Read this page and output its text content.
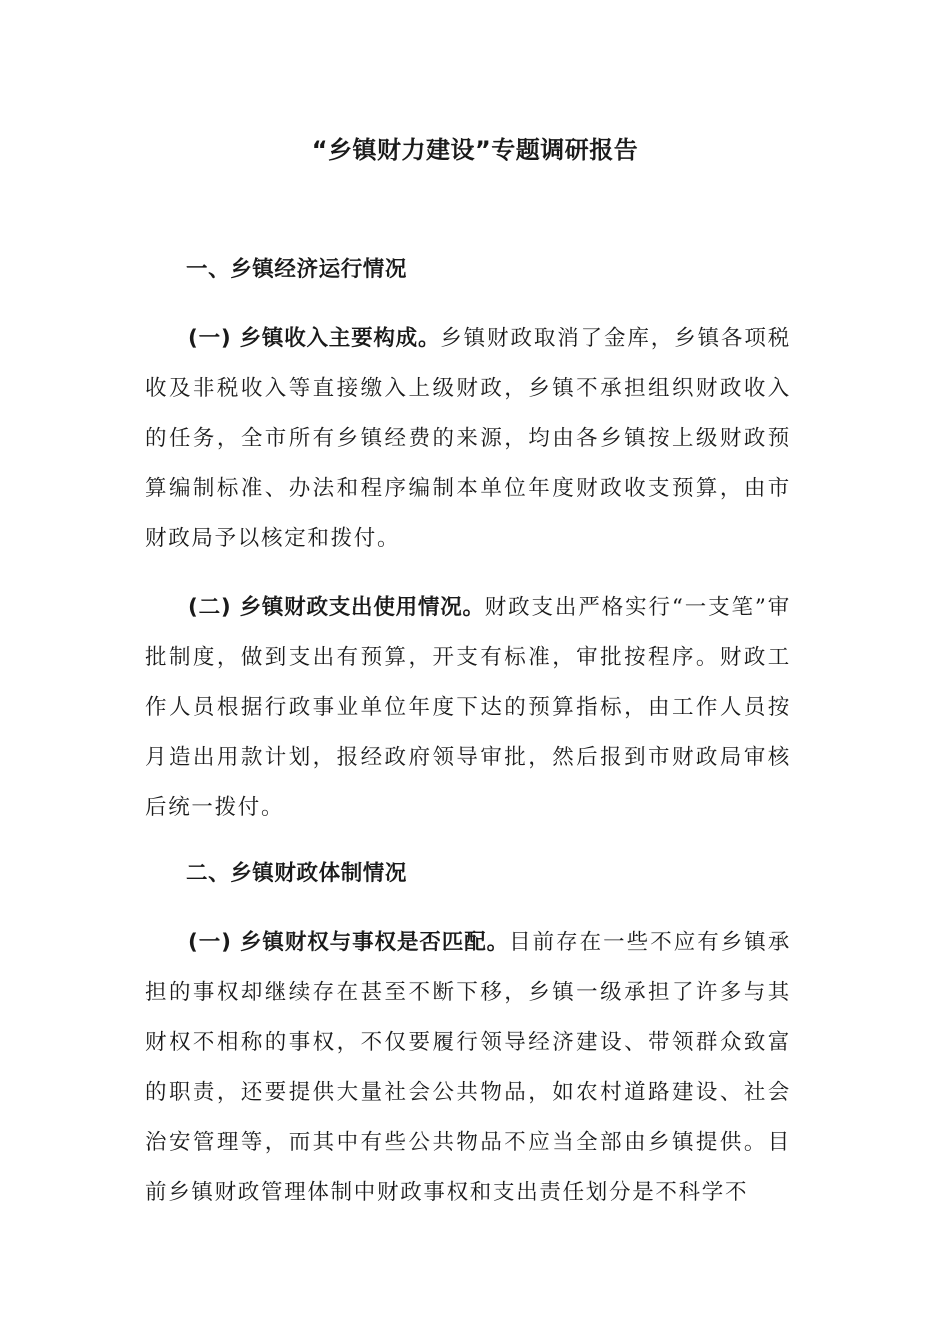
“乡镇财力建设”专题调研报告
一、乡镇经济运行情况

(一) 乡镇收入主要构成。乡镇财政取消了金库，乡镇各项税收及非税收入等直接缴入上级财政，乡镇不承担组织财政收入的任务，全市所有乡镇经费的来源，均由各乡镇按上级财政预算编制标准、办法和程序编制本单位年度财政收支预算，由市财政局予以核定和拨付。

(二) 乡镇财政支出使用情况。财政支出严格实行“一支笔”审批制度，做到支出有预算，开支有标准，审批按程序。财政工作人员根据行政事业单位年度下达的预算指标，由工作人员按月造出用款计划，报经政府领导审批，然后报到市财政局审核后统一拨付。

二、乡镇财政体制情况

(一) 乡镇财权与事权是否匹配。目前存在一些不应有乡镇承担的事权却继续存在甚至不断下移，乡镇一级承担了许多与其财权不相称的事权，不仅要履行领导经济建设、带领群众致富的职责，还要提供大量社会公共物品，如农村道路建设、社会治安管理等，而其中有些公共物品不应当全部由乡镇提供。目前乡镇财政管理体制中财政事权和支出责任划分是不科学不
